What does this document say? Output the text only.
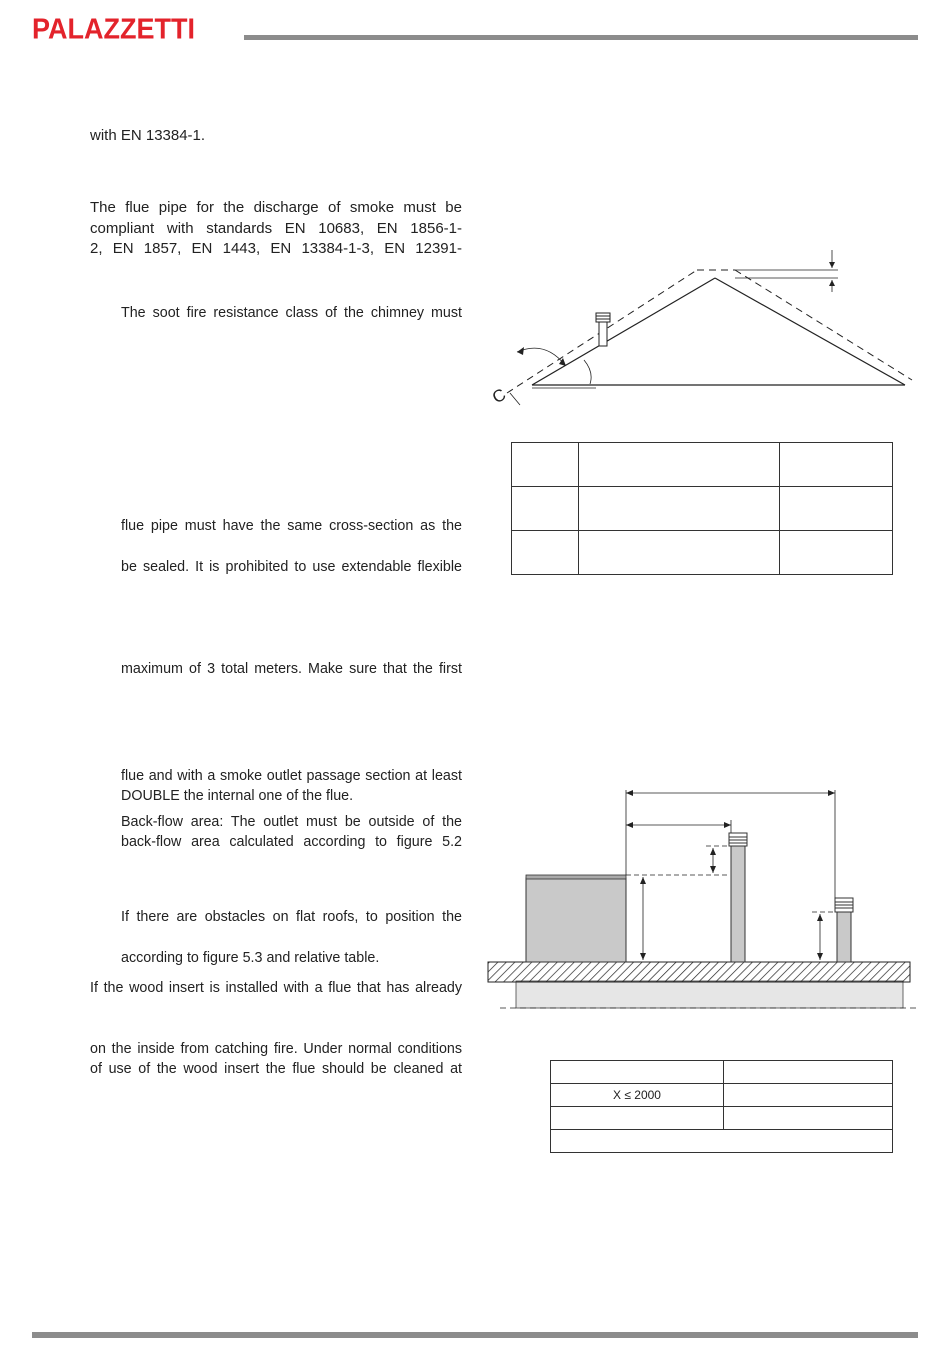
PALAZZETTI
with EN 13384-1.
The flue pipe for the discharge of smoke must be
compliant with standards EN 10683, EN 1856-1-
2, EN 1857, EN 1443, EN 13384-1-3, EN 12391-
The soot fire resistance class of the chimney must
flue pipe must have the same cross-section as the
be sealed. It is prohibited to use extendable flexible
maximum of 3 total meters. Make sure that the first
flue and with a smoke outlet passage section at least
DOUBLE the internal one of the flue.
Back-flow area: The outlet must be outside of the
back-flow area calculated according to figure 5.2
If there are obstacles on flat roofs, to position the
according to figure 5.3 and relative table.
If the wood insert is installed with a flue that has already
on the inside from catching fire. Under normal conditions
of use of the wood insert the flue should be cleaned at
C

X ≤ 2000	
